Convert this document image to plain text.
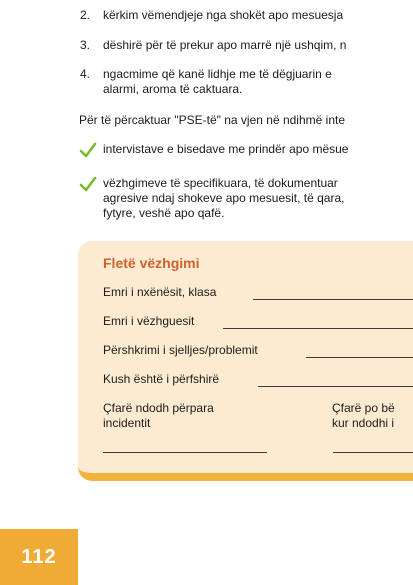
2. kërkim vëmendjeje nga shokët apo mesuesja
3. dëshirë për të prekur apo marrë një ushqim, n
4. ngacmime që kanë lidhje me të dëgjuarin e
alarmi, aroma të caktuara.
Për të përcaktuar "PSE-të" na vjen në ndihmë inte
intervistave e bisedave me prindër apo mësue
vëzhgimeve të specifikuara, të dokumentuar
agresive ndaj shokeve apo mesuesit, të qara,
fytyre, veshë apo qafë.
Fletë vëzhgimi
Emri i nxënësit, klasa
Emri i vëzhguesit
Përshkrimi i sjelljes/problemit
Kush është i përfshirë
Çfarë ndodh përpara
incidentit
Çfarë po bë
kur ndodhi i
112
